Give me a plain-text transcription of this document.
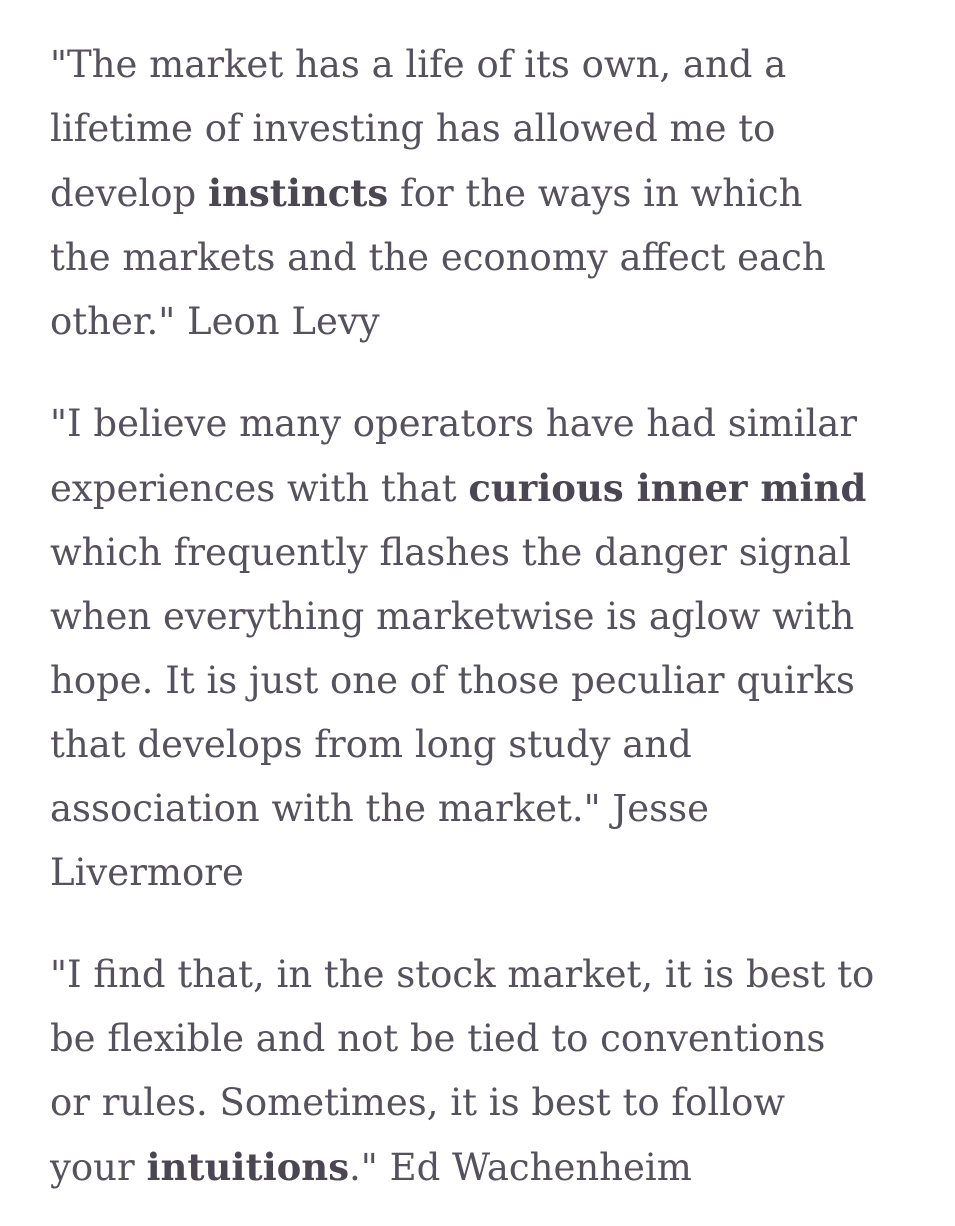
"The market has a life of its own, and a
lifetime of investing has allowed me to
develop instincts for the ways in which
the markets and the economy affect each
other." Leon Levy

"I believe many operators have had similar
experiences with that curious inner mind
which frequently flashes the danger signal
when everything marketwise is aglow with
hope. It is just one of those peculiar quirks
that develops from long study and
association with the market." Jesse
Livermore

"I find that, in the stock market, it is best to
be flexible and not be tied to conventions
or rules. Sometimes, it is best to follow
your intuitions." Ed Wachenheim
